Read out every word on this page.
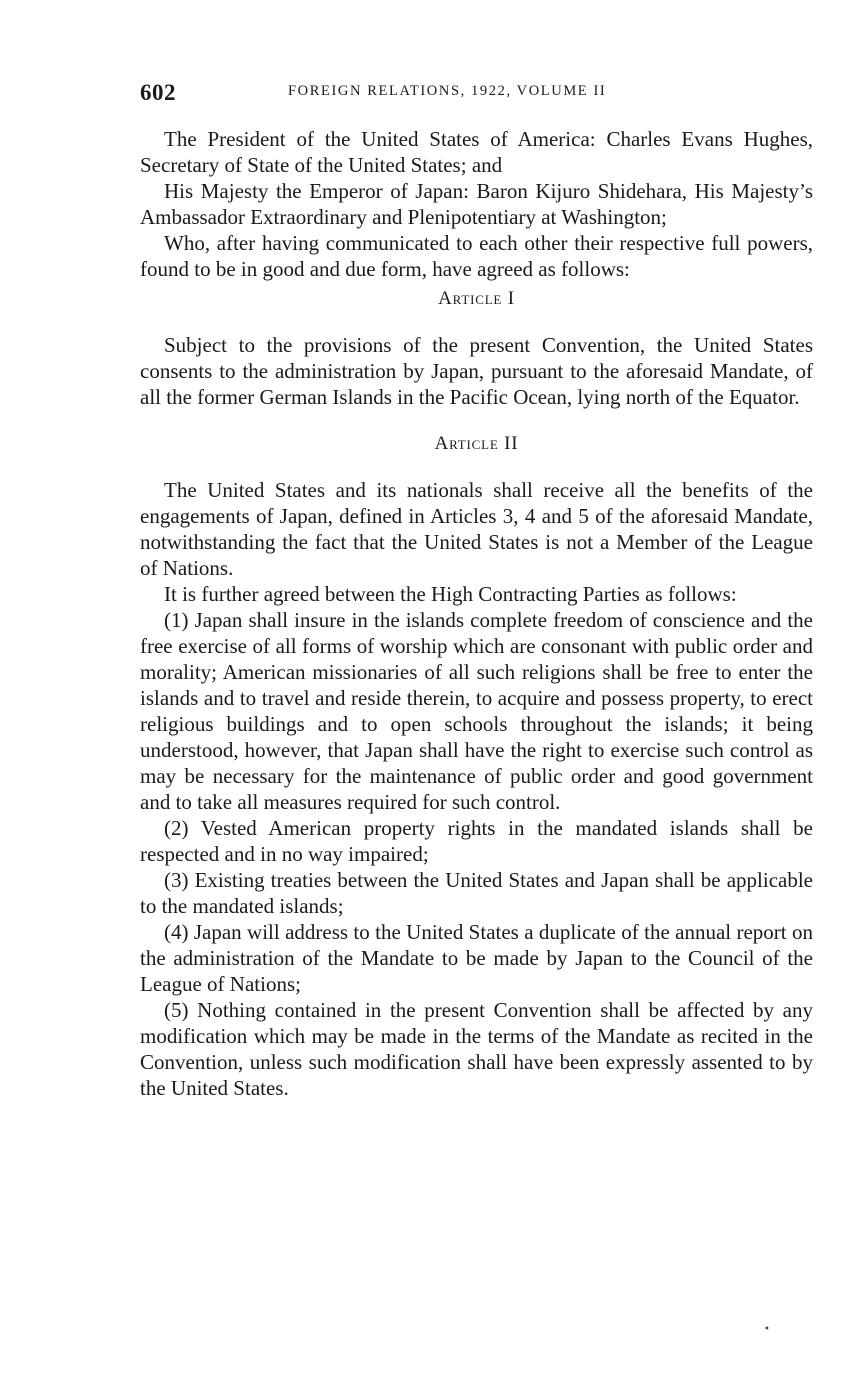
602	FOREIGN RELATIONS, 1922, VOLUME II

The President of the United States of America: Charles Evans Hughes, Secretary of State of the United States; and

His Majesty the Emperor of Japan: Baron Kijuro Shidehara, His Majesty’s Ambassador Extraordinary and Plenipotentiary at Washington;

Who, after having communicated to each other their respective full powers, found to be in good and due form, have agreed as follows:

Article I

Subject to the provisions of the present Convention, the United States consents to the administration by Japan, pursuant to the aforesaid Mandate, of all the former German Islands in the Pacific Ocean, lying north of the Equator.

Article II

The United States and its nationals shall receive all the benefits of the engagements of Japan, defined in Articles 3, 4 and 5 of the aforesaid Mandate, notwithstanding the fact that the United States is not a Member of the League of Nations.

It is further agreed between the High Contracting Parties as follows:

(1) Japan shall insure in the islands complete freedom of conscience and the free exercise of all forms of worship which are consonant with public order and morality; American missionaries of all such religions shall be free to enter the islands and to travel and reside therein, to acquire and possess property, to erect religious buildings and to open schools throughout the islands; it being understood, however, that Japan shall have the right to exercise such control as may be necessary for the maintenance of public order and good government and to take all measures required for such control.

(2) Vested American property rights in the mandated islands shall be respected and in no way impaired;

(3) Existing treaties between the United States and Japan shall be applicable to the mandated islands;

(4) Japan will address to the United States a duplicate of the annual report on the administration of the Mandate to be made by Japan to the Council of the League of Nations;

(5) Nothing contained in the present Convention shall be affected by any modification which may be made in the terms of the Mandate as recited in the Convention, unless such modification shall have been expressly assented to by the United States.

•
